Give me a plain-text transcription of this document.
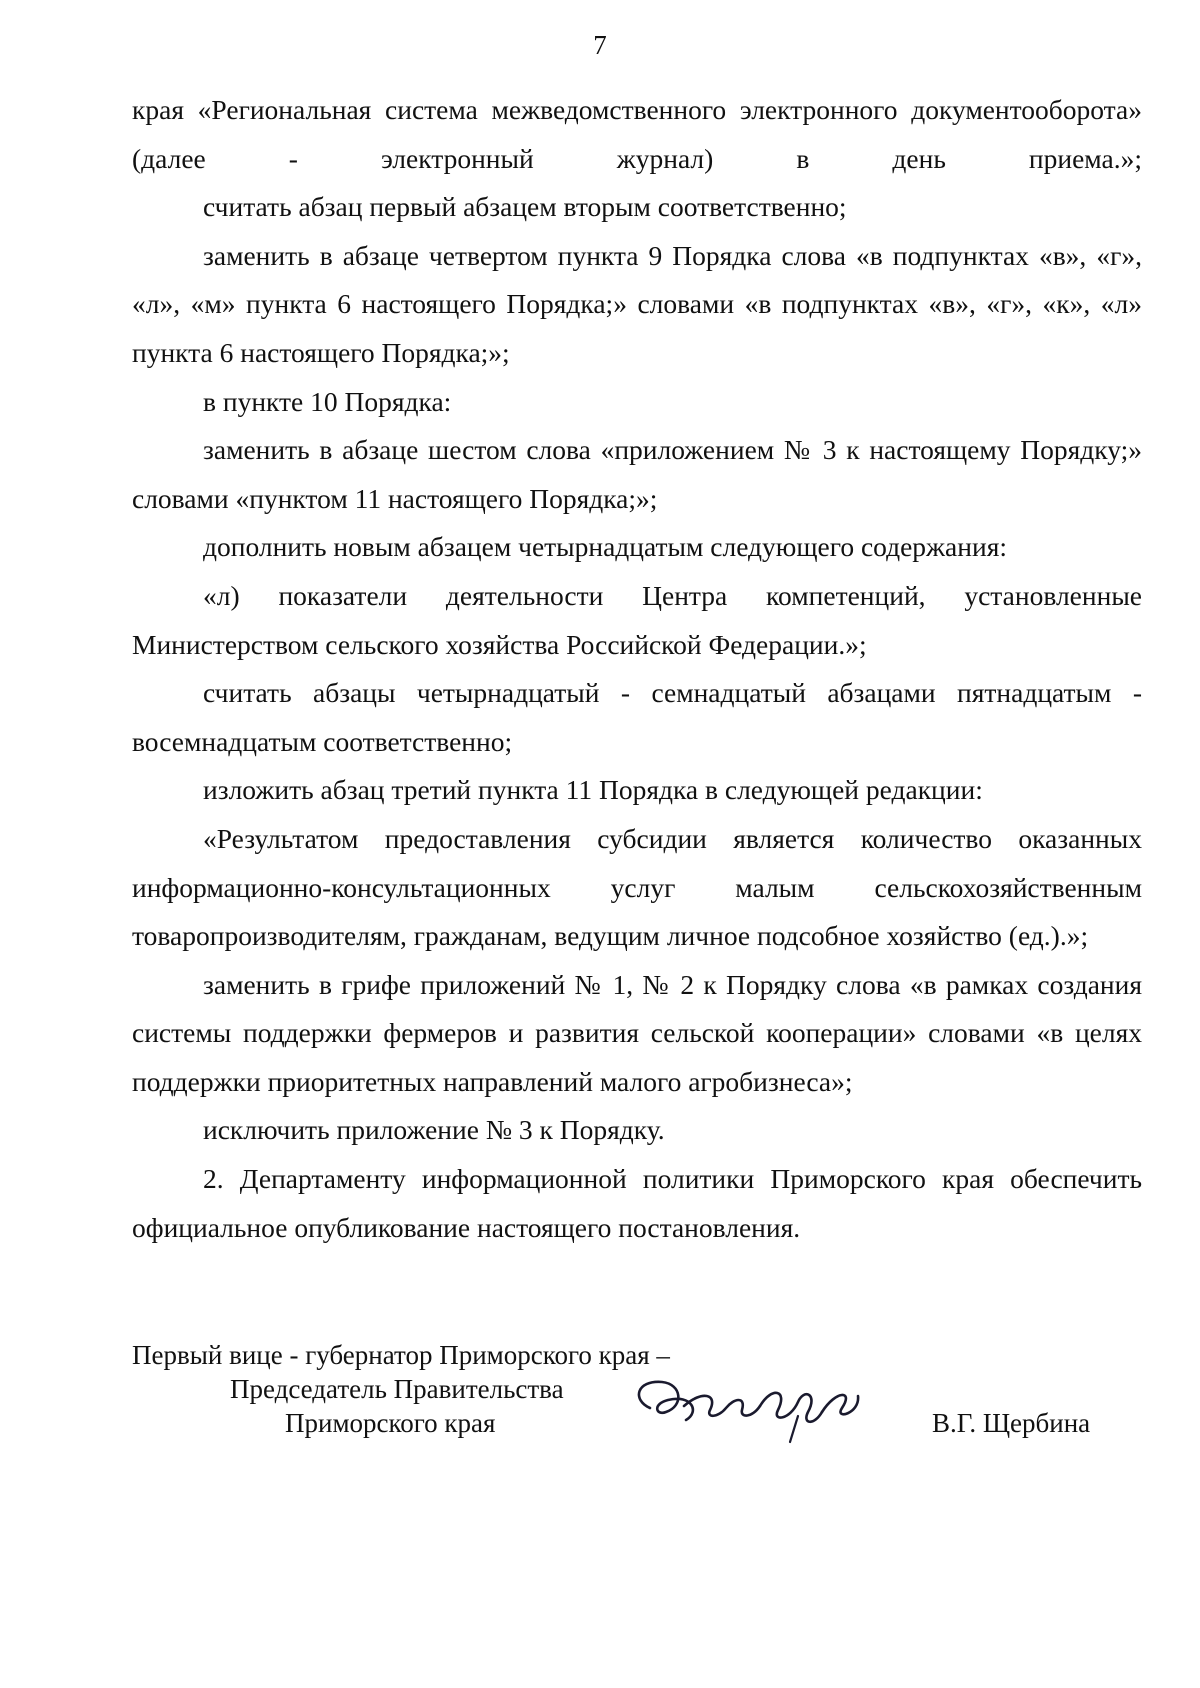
7

края «Региональная система межведомственного электронного документооборота» (далее - электронный журнал) в день приема.»;

считать абзац первый абзацем вторым соответственно;

заменить в абзаце четвертом пункта 9 Порядка слова «в подпунктах «в», «г», «л», «м» пункта 6 настоящего Порядка;» словами «в подпунктах «в», «г», «к», «л» пункта 6 настоящего Порядка;»;

в пункте 10 Порядка:

заменить в абзаце шестом слова «приложением № 3 к настоящему Порядку;» словами «пунктом 11 настоящего Порядка;»;

дополнить новым абзацем четырнадцатым следующего содержания:

«л) показатели деятельности Центра компетенций, установленные Министерством сельского хозяйства Российской Федерации.»;

считать абзацы четырнадцатый - семнадцатый абзацами пятнадцатым - восемнадцатым соответственно;

изложить абзац третий пункта 11 Порядка в следующей редакции:

«Результатом предоставления субсидии является количество оказанных информационно-консультационных услуг малым сельскохозяйственным товаропроизводителям, гражданам, ведущим личное подсобное хозяйство (ед.).»;

заменить в грифе приложений № 1, № 2 к Порядку слова «в рамках создания системы поддержки фермеров и развития сельской кооперации» словами «в целях поддержки приоритетных направлений малого агробизнеса»;

исключить приложение № 3 к Порядку.

2. Департаменту информационной политики Приморского края обеспечить официальное опубликование настоящего постановления.

Первый вице - губернатор Приморского края –
Председатель Правительства
Приморского края	В.Г. Щербина
